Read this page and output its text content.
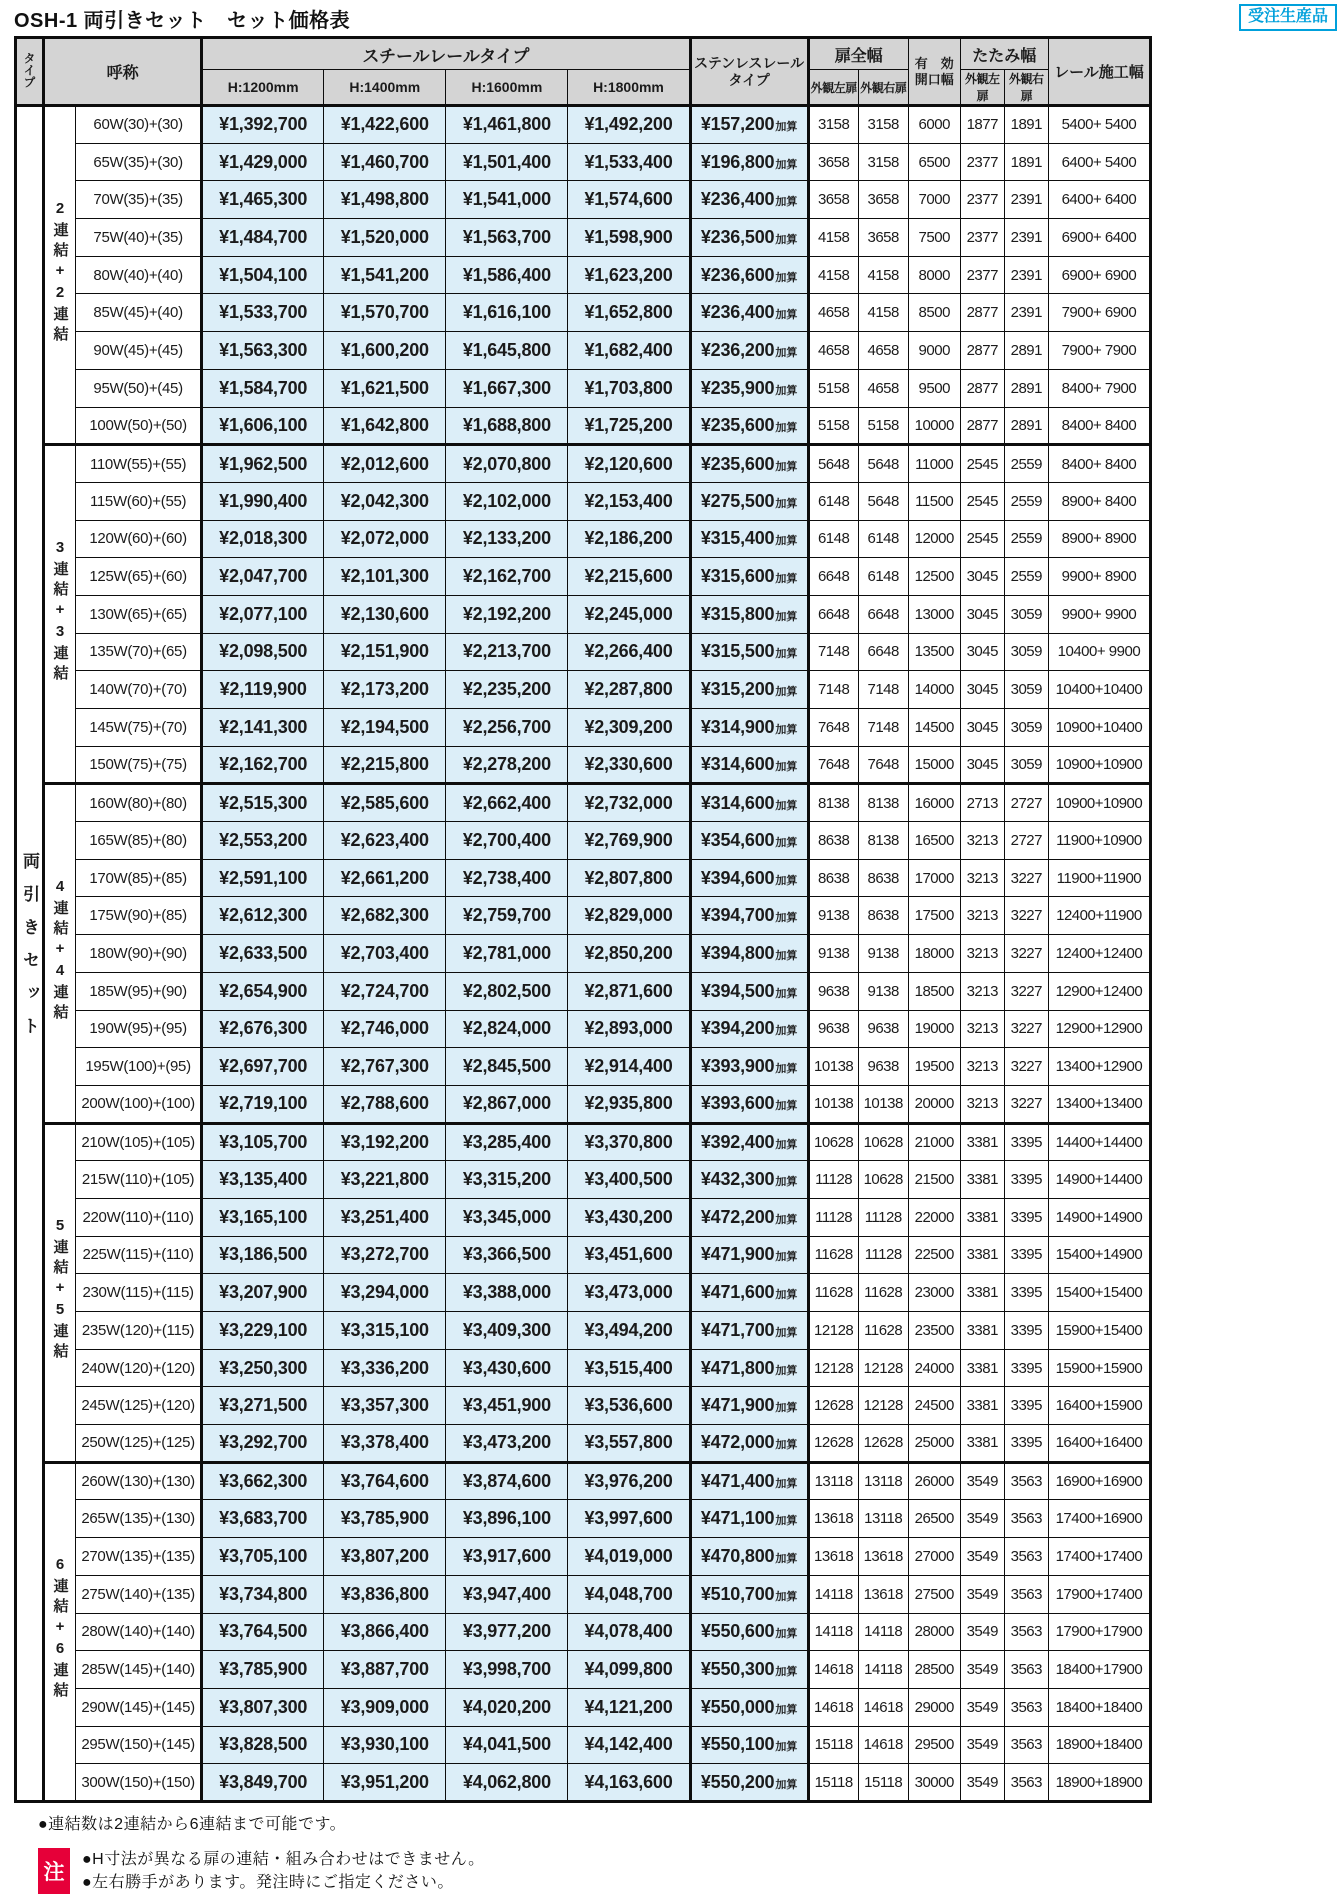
OSH-1 両引きセット　セット価格表	受注生産品
タイプ	呼称		スチールレールタイプ				ステンレスレール
タイプ	扉全幅		有　効
開口幅	たたみ幅		レール施工幅
			H:1200mm	H:1400mm	H:1600mm	H:1800mm		外観左扉	外観右扉		外観左扉	外観右扉	
両引きセット	2連結+2連結	60W(30)+(30)	¥1,392,700	¥1,422,600	¥1,461,800	¥1,492,200	¥157,200加算	3158	3158	6000	1877	1891	5400+ 5400
		65W(35)+(30)	¥1,429,000	¥1,460,700	¥1,501,400	¥1,533,400	¥196,800加算	3658	3158	6500	2377	1891	6400+ 5400
		70W(35)+(35)	¥1,465,300	¥1,498,800	¥1,541,000	¥1,574,600	¥236,400加算	3658	3658	7000	2377	2391	6400+ 6400
		75W(40)+(35)	¥1,484,700	¥1,520,000	¥1,563,700	¥1,598,900	¥236,500加算	4158	3658	7500	2377	2391	6900+ 6400
		80W(40)+(40)	¥1,504,100	¥1,541,200	¥1,586,400	¥1,623,200	¥236,600加算	4158	4158	8000	2377	2391	6900+ 6900
		85W(45)+(40)	¥1,533,700	¥1,570,700	¥1,616,100	¥1,652,800	¥236,400加算	4658	4158	8500	2877	2391	7900+ 6900
		90W(45)+(45)	¥1,563,300	¥1,600,200	¥1,645,800	¥1,682,400	¥236,200加算	4658	4658	9000	2877	2891	7900+ 7900
		95W(50)+(45)	¥1,584,700	¥1,621,500	¥1,667,300	¥1,703,800	¥235,900加算	5158	4658	9500	2877	2891	8400+ 7900
		100W(50)+(50)	¥1,606,100	¥1,642,800	¥1,688,800	¥1,725,200	¥235,600加算	5158	5158	10000	2877	2891	8400+ 8400
	3連結+3連結	110W(55)+(55)	¥1,962,500	¥2,012,600	¥2,070,800	¥2,120,600	¥235,600加算	5648	5648	11000	2545	2559	8400+ 8400
		115W(60)+(55)	¥1,990,400	¥2,042,300	¥2,102,000	¥2,153,400	¥275,500加算	6148	5648	11500	2545	2559	8900+ 8400
		120W(60)+(60)	¥2,018,300	¥2,072,000	¥2,133,200	¥2,186,200	¥315,400加算	6148	6148	12000	2545	2559	8900+ 8900
		125W(65)+(60)	¥2,047,700	¥2,101,300	¥2,162,700	¥2,215,600	¥315,600加算	6648	6148	12500	3045	2559	9900+ 8900
		130W(65)+(65)	¥2,077,100	¥2,130,600	¥2,192,200	¥2,245,000	¥315,800加算	6648	6648	13000	3045	3059	9900+ 9900
		135W(70)+(65)	¥2,098,500	¥2,151,900	¥2,213,700	¥2,266,400	¥315,500加算	7148	6648	13500	3045	3059	10400+ 9900
		140W(70)+(70)	¥2,119,900	¥2,173,200	¥2,235,200	¥2,287,800	¥315,200加算	7148	7148	14000	3045	3059	10400+10400
		145W(75)+(70)	¥2,141,300	¥2,194,500	¥2,256,700	¥2,309,200	¥314,900加算	7648	7148	14500	3045	3059	10900+10400
		150W(75)+(75)	¥2,162,700	¥2,215,800	¥2,278,200	¥2,330,600	¥314,600加算	7648	7648	15000	3045	3059	10900+10900
	4連結+4連結	160W(80)+(80)	¥2,515,300	¥2,585,600	¥2,662,400	¥2,732,000	¥314,600加算	8138	8138	16000	2713	2727	10900+10900
		165W(85)+(80)	¥2,553,200	¥2,623,400	¥2,700,400	¥2,769,900	¥354,600加算	8638	8138	16500	3213	2727	11900+10900
		170W(85)+(85)	¥2,591,100	¥2,661,200	¥2,738,400	¥2,807,800	¥394,600加算	8638	8638	17000	3213	3227	11900+11900
		175W(90)+(85)	¥2,612,300	¥2,682,300	¥2,759,700	¥2,829,000	¥394,700加算	9138	8638	17500	3213	3227	12400+11900
		180W(90)+(90)	¥2,633,500	¥2,703,400	¥2,781,000	¥2,850,200	¥394,800加算	9138	9138	18000	3213	3227	12400+12400
		185W(95)+(90)	¥2,654,900	¥2,724,700	¥2,802,500	¥2,871,600	¥394,500加算	9638	9138	18500	3213	3227	12900+12400
		190W(95)+(95)	¥2,676,300	¥2,746,000	¥2,824,000	¥2,893,000	¥394,200加算	9638	9638	19000	3213	3227	12900+12900
		195W(100)+(95)	¥2,697,700	¥2,767,300	¥2,845,500	¥2,914,400	¥393,900加算	10138	9638	19500	3213	3227	13400+12900
		200W(100)+(100)	¥2,719,100	¥2,788,600	¥2,867,000	¥2,935,800	¥393,600加算	10138	10138	20000	3213	3227	13400+13400
	5連結+5連結	210W(105)+(105)	¥3,105,700	¥3,192,200	¥3,285,400	¥3,370,800	¥392,400加算	10628	10628	21000	3381	3395	14400+14400
		215W(110)+(105)	¥3,135,400	¥3,221,800	¥3,315,200	¥3,400,500	¥432,300加算	11128	10628	21500	3381	3395	14900+14400
		220W(110)+(110)	¥3,165,100	¥3,251,400	¥3,345,000	¥3,430,200	¥472,200加算	11128	11128	22000	3381	3395	14900+14900
		225W(115)+(110)	¥3,186,500	¥3,272,700	¥3,366,500	¥3,451,600	¥471,900加算	11628	11128	22500	3381	3395	15400+14900
		230W(115)+(115)	¥3,207,900	¥3,294,000	¥3,388,000	¥3,473,000	¥471,600加算	11628	11628	23000	3381	3395	15400+15400
		235W(120)+(115)	¥3,229,100	¥3,315,100	¥3,409,300	¥3,494,200	¥471,700加算	12128	11628	23500	3381	3395	15900+15400
		240W(120)+(120)	¥3,250,300	¥3,336,200	¥3,430,600	¥3,515,400	¥471,800加算	12128	12128	24000	3381	3395	15900+15900
		245W(125)+(120)	¥3,271,500	¥3,357,300	¥3,451,900	¥3,536,600	¥471,900加算	12628	12128	24500	3381	3395	16400+15900
		250W(125)+(125)	¥3,292,700	¥3,378,400	¥3,473,200	¥3,557,800	¥472,000加算	12628	12628	25000	3381	3395	16400+16400
	6連結+6連結	260W(130)+(130)	¥3,662,300	¥3,764,600	¥3,874,600	¥3,976,200	¥471,400加算	13118	13118	26000	3549	3563	16900+16900
		265W(135)+(130)	¥3,683,700	¥3,785,900	¥3,896,100	¥3,997,600	¥471,100加算	13618	13118	26500	3549	3563	17400+16900
		270W(135)+(135)	¥3,705,100	¥3,807,200	¥3,917,600	¥4,019,000	¥470,800加算	13618	13618	27000	3549	3563	17400+17400
		275W(140)+(135)	¥3,734,800	¥3,836,800	¥3,947,400	¥4,048,700	¥510,700加算	14118	13618	27500	3549	3563	17900+17400
		280W(140)+(140)	¥3,764,500	¥3,866,400	¥3,977,200	¥4,078,400	¥550,600加算	14118	14118	28000	3549	3563	17900+17900
		285W(145)+(140)	¥3,785,900	¥3,887,700	¥3,998,700	¥4,099,800	¥550,300加算	14618	14118	28500	3549	3563	18400+17900
		290W(145)+(145)	¥3,807,300	¥3,909,000	¥4,020,200	¥4,121,200	¥550,000加算	14618	14618	29000	3549	3563	18400+18400
		295W(150)+(145)	¥3,828,500	¥3,930,100	¥4,041,500	¥4,142,400	¥550,100加算	15118	14618	29500	3549	3563	18900+18400
		300W(150)+(150)	¥3,849,700	¥3,951,200	¥4,062,800	¥4,163,600	¥550,200加算	15118	15118	30000	3549	3563	18900+18900

●連結数は2連結から6連結まで可能です。

注

●H寸法が異なる扉の連結・組み合わせはできません。

●左右勝手があります。発注時にご指定ください。
